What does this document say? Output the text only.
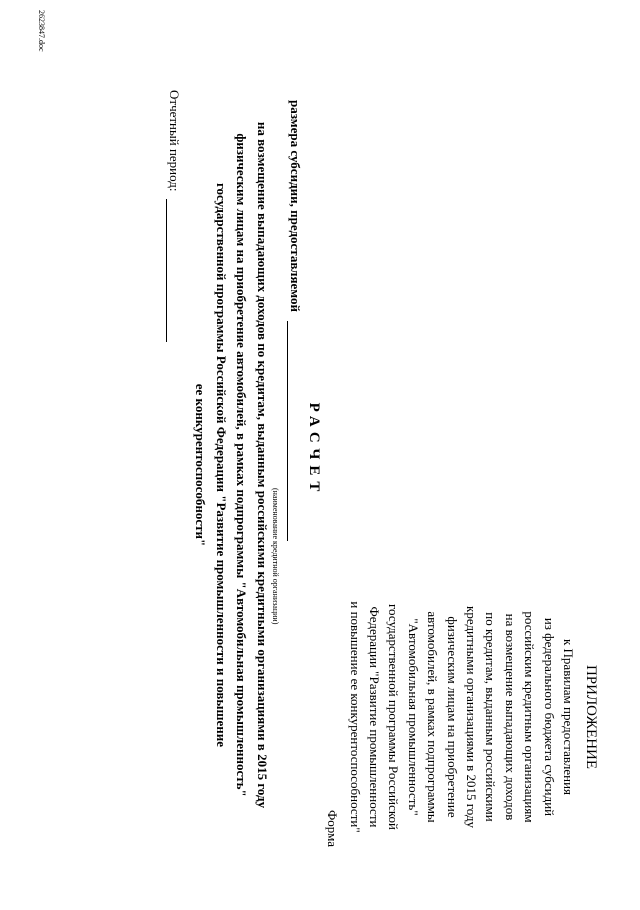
ПРИЛОЖЕНИЕ
к Правилам предоставления
из федерального бюджета субсидий
российским кредитным организациям
на возмещение выпадающих доходов
по кредитам, выданным российскими
кредитными организациями в 2015 году
физическим лицам на приобретение
автомобилей, в рамках подпрограммы
"Автомобильная промышленность"
государственной программы Российской
Федерации "Развитие промышленности
и повышение ее конкурентоспособности"
Форма
РАСЧЕТ
размера субсидии, предоставляемой
(наименование кредитной организации)
на возмещение выпадающих доходов по кредитам, выданным российскими кредитными организациями в 2015 году
физическим лицам на приобретение автомобилей, в рамках подпрограммы "Автомобильная промышленность"
государственной программы Российской Федерации "Развитие промышленности и повышение
ее конкурентоспособности"
Отчетный период:
2623847.doc
